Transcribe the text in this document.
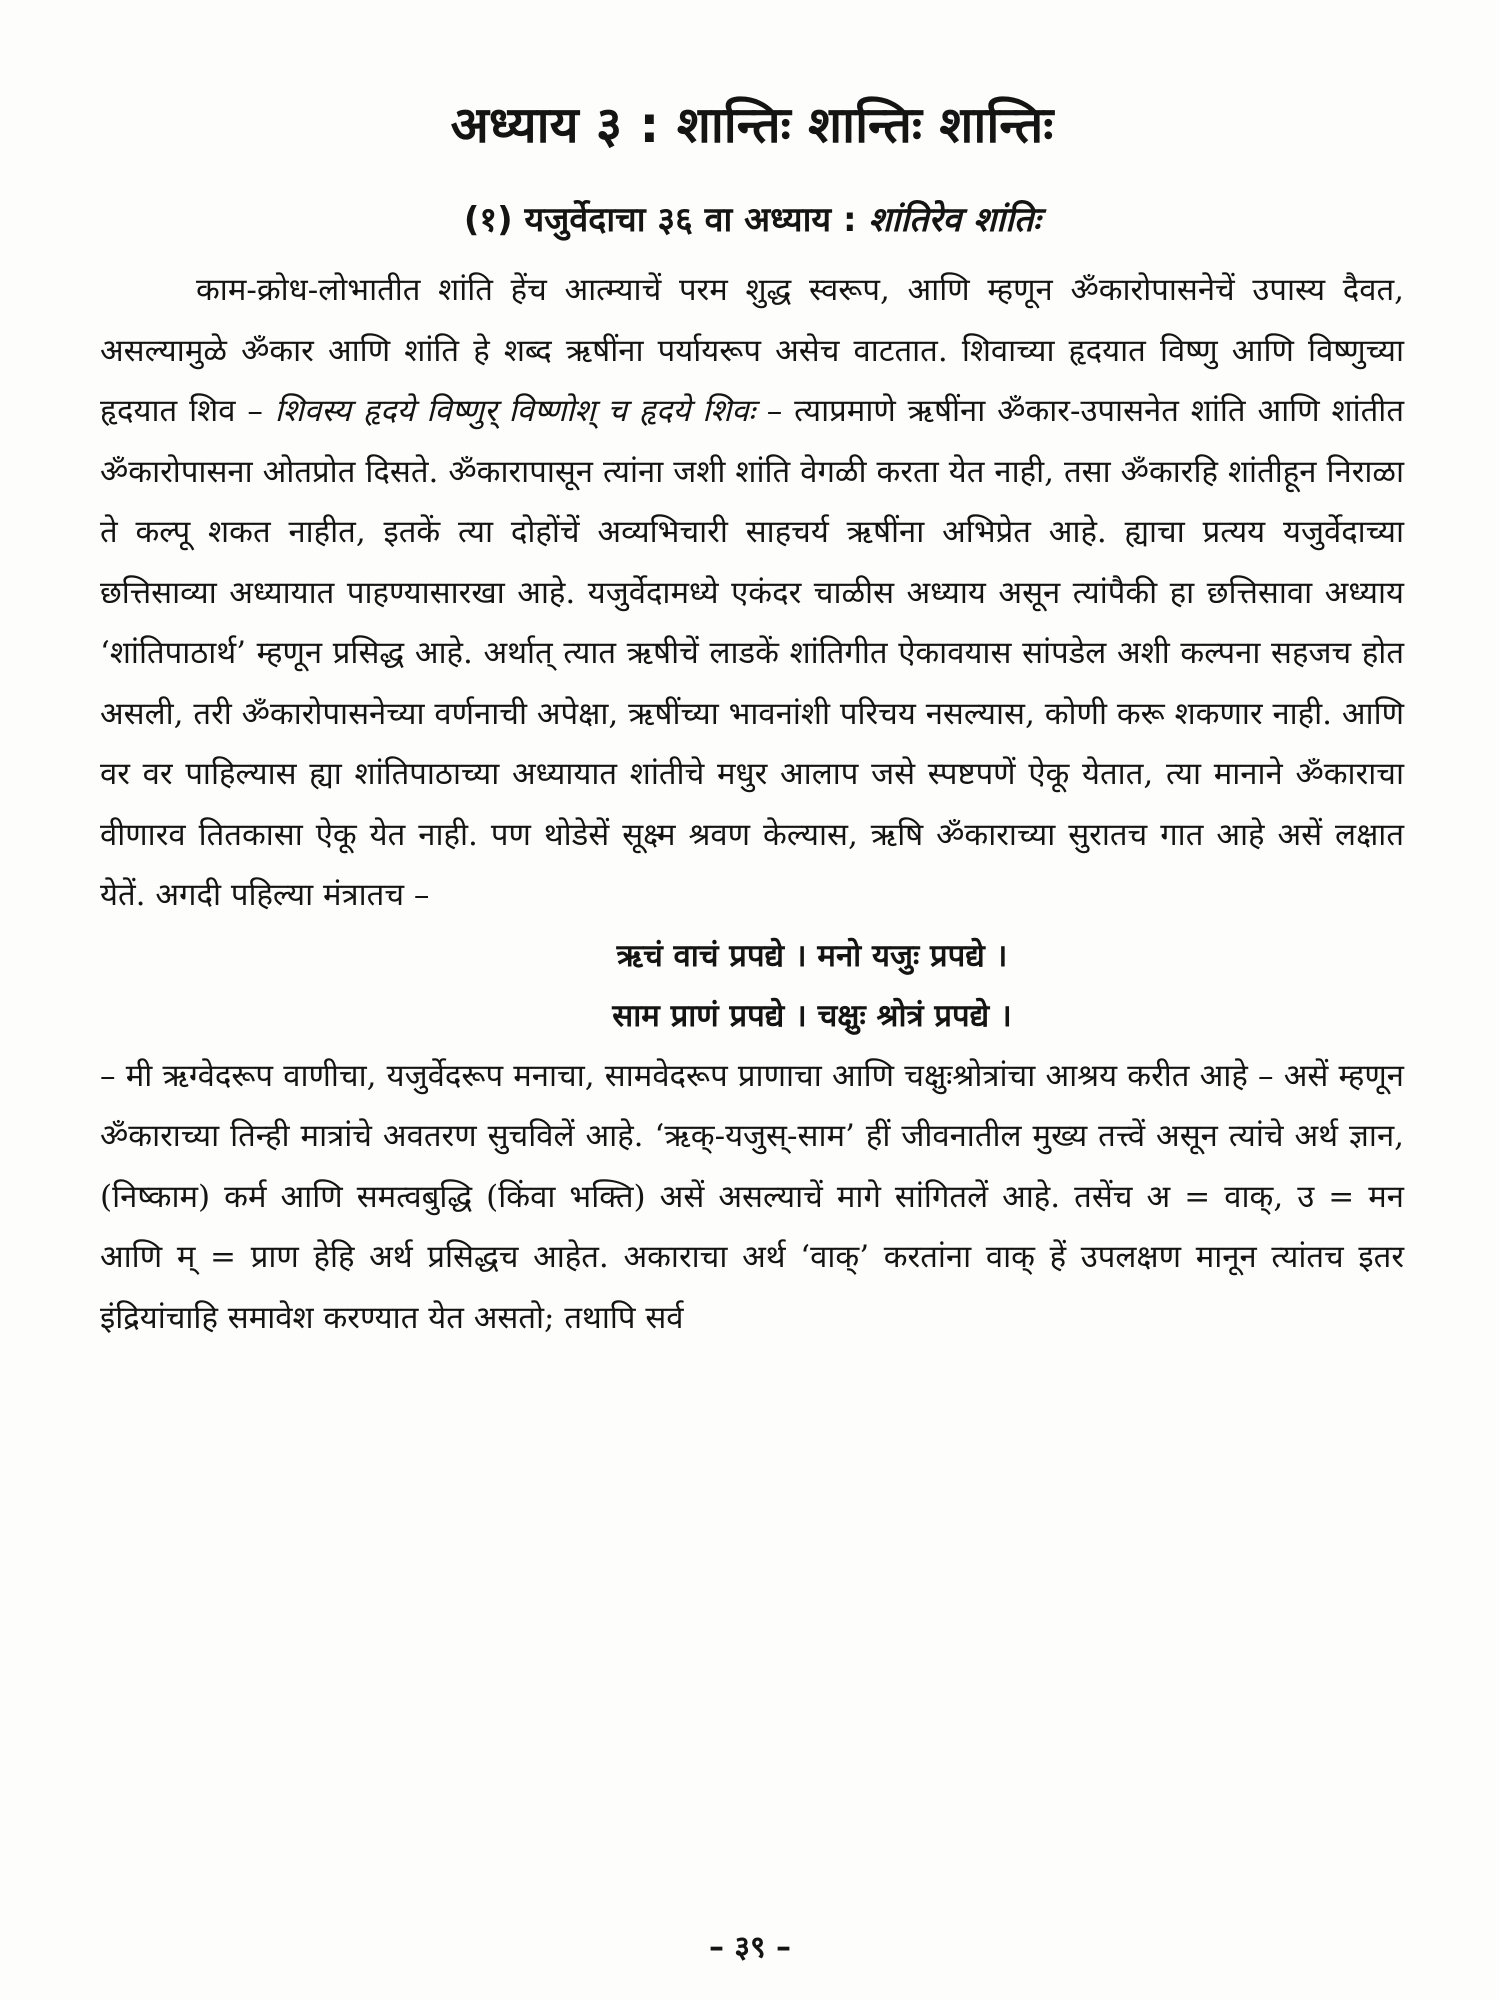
अध्याय ३ : शान्तिः शान्तिः शान्तिः
(१) यजुर्वेदाचा ३६ वा अध्याय : शांतिरेव शांतिः

काम-क्रोध-लोभातीत शांति हेंच आत्म्याचें परम शुद्ध स्वरूप, आणि म्हणून ॐकारोपासनेचें उपास्य दैवत, असल्यामुळे ॐकार आणि शांति हे शब्द ऋषींना पर्यायरूप असेच वाटतात. शिवाच्या हृदयात विष्णु आणि विष्णुच्या हृदयात शिव – शिवस्य हृदये विष्णुर् विष्णोश् च हृदये शिवः – त्याप्रमाणे ऋषींना ॐकार-उपासनेत शांति आणि शांतीत ॐकारोपासना ओतप्रोत दिसते. ॐकारापासून त्यांना जशी शांति वेगळी करता येत नाही, तसा ॐकारहि शांतीहून निराळा ते कल्पू शकत नाहीत, इतकें त्या दोहोंचें अव्यभिचारी साहचर्य ऋषींना अभिप्रेत आहे. ह्याचा प्रत्यय यजुर्वेदाच्या छत्तिसाव्या अध्यायात पाहण्यासारखा आहे. यजुर्वेदामध्ये एकंदर चाळीस अध्याय असून त्यांपैकी हा छत्तिसावा अध्याय ‘शांतिपाठार्थ’ म्हणून प्रसिद्ध आहे. अर्थात् त्यात ऋषीचें लाडकें शांतिगीत ऐकावयास सांपडेल अशी कल्पना सहजच होत असली, तरी ॐकारोपासनेच्या वर्णनाची अपेक्षा, ऋषींच्या भावनांशी परिचय नसल्यास, कोणी करू शकणार नाही. आणि वर वर पाहिल्यास ह्या शांतिपाठाच्या अध्यायात शांतीचे मधुर आलाप जसे स्पष्टपणें ऐकू येतात, त्या मानाने ॐकाराचा वीणारव तितकासा ऐकू येत नाही. पण थोडेसें सूक्ष्म श्रवण केल्यास, ऋषि ॐकाराच्या सुरातच गात आहे असें लक्षात येतें. अगदी पहिल्या मंत्रातच –

ऋचं वाचं प्रपद्ये । मनो यजुः प्रपद्ये ।

साम प्राणं प्रपद्ये । चक्षुः श्रोत्रं प्रपद्ये ।

– मी ऋग्वेदरूप वाणीचा, यजुर्वेदरूप मनाचा, सामवेदरूप प्राणाचा आणि चक्षुःश्रोत्रांचा आश्रय करीत आहे – असें म्हणून ॐकाराच्या तिन्ही मात्रांचे अवतरण सुचविलें आहे. ‘ऋक्-यजुस्-साम’ हीं जीवनातील मुख्य तत्त्वें असून त्यांचे अर्थ ज्ञान, (निष्काम) कर्म आणि समत्वबुद्धि (किंवा भक्ति) असें असल्याचें मागे सांगितलें आहे. तसेंच अ = वाक्, उ = मन आणि म् = प्राण हेहि अर्थ प्रसिद्धच आहेत. अकाराचा अर्थ ‘वाक्’ करतांना वाक् हें उपलक्षण मानून त्यांतच इतर इंद्रियांचाहि समावेश करण्यात येत असतो; तथापि सर्व

– ३९ –
